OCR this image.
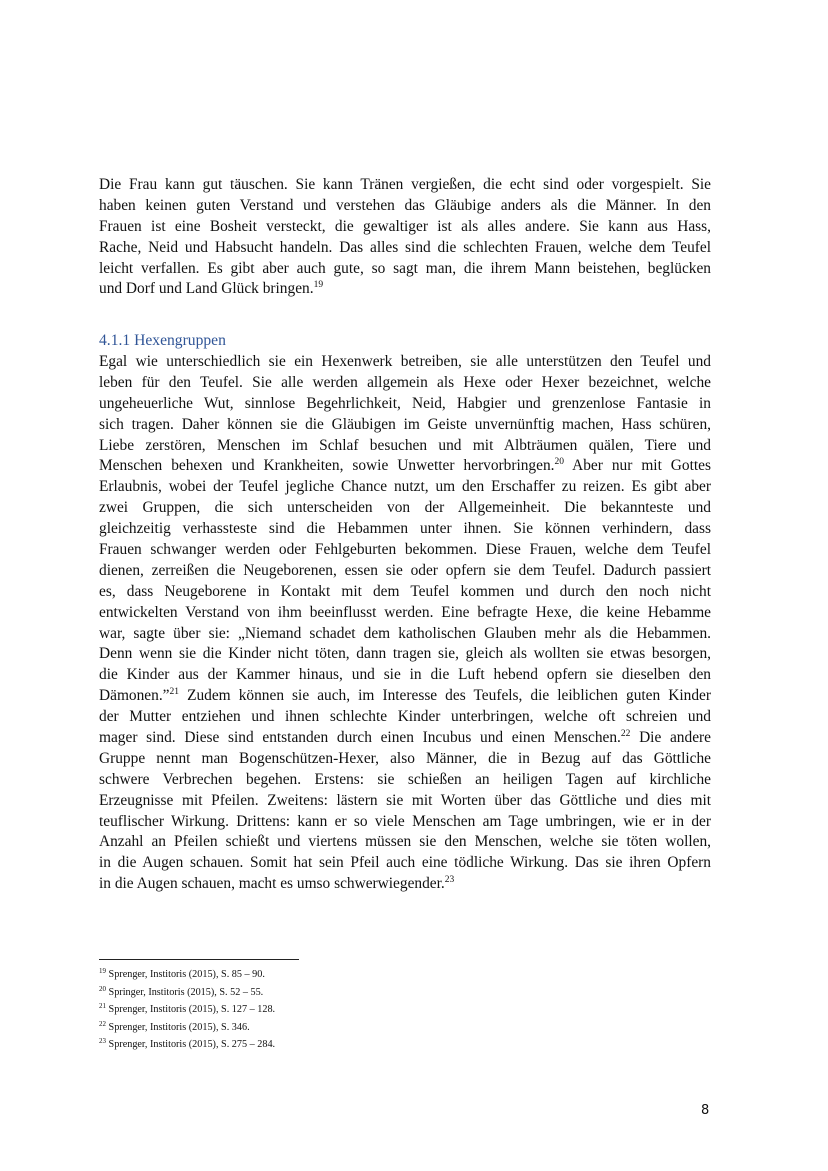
Die Frau kann gut täuschen. Sie kann Tränen vergießen, die echt sind oder vorgespielt. Sie
haben keinen guten Verstand und verstehen das Gläubige anders als die Männer. In den
Frauen ist eine Bosheit versteckt, die gewaltiger ist als alles andere. Sie kann aus Hass,
Rache, Neid und Habsucht handeln. Das alles sind die schlechten Frauen, welche dem Teufel
leicht verfallen. Es gibt aber auch gute, so sagt man, die ihrem Mann beistehen, beglücken
und Dorf und Land Glück bringen.$^{19}$
4.1.1 Hexengruppen
Egal wie unterschiedlich sie ein Hexenwerk betreiben, sie alle unterstützen den Teufel und
leben für den Teufel. Sie alle werden allgemein als Hexe oder Hexer bezeichnet, welche
ungeheuerliche Wut, sinnlose Begehrlichkeit, Neid, Habgier und grenzenlose Fantasie in
sich tragen. Daher können sie die Gläubigen im Geiste unvernünftig machen, Hass schüren,
Liebe zerstören, Menschen im Schlaf besuchen und mit Albträumen quälen, Tiere und
Menschen behexen und Krankheiten, sowie Unwetter hervorbringen.$^{20}$ Aber nur mit Gottes
Erlaubnis, wobei der Teufel jegliche Chance nutzt, um den Erschaffer zu reizen. Es gibt aber
zwei Gruppen, die sich unterscheiden von der Allgemeinheit. Die bekannteste und
gleichzeitig verhassteste sind die Hebammen unter ihnen. Sie können verhindern, dass
Frauen schwanger werden oder Fehlgeburten bekommen. Diese Frauen, welche dem Teufel
dienen, zerreißen die Neugeborenen, essen sie oder opfern sie dem Teufel. Dadurch passiert
es, dass Neugeborene in Kontakt mit dem Teufel kommen und durch den noch nicht
entwickelten Verstand von ihm beeinflusst werden. Eine befragte Hexe, die keine Hebamme
war, sagte über sie: „Niemand schadet dem katholischen Glauben mehr als die Hebammen.
Denn wenn sie die Kinder nicht töten, dann tragen sie, gleich als wollten sie etwas besorgen,
die Kinder aus der Kammer hinaus, und sie in die Luft hebend opfern sie dieselben den
Dämonen.”$^{21}$ Zudem können sie auch, im Interesse des Teufels, die leiblichen guten Kinder
der Mutter entziehen und ihnen schlechte Kinder unterbringen, welche oft schreien und
mager sind. Diese sind entstanden durch einen Incubus und einen Menschen.$^{22}$ Die andere
Gruppe nennt man Bogenschützen-Hexer, also Männer, die in Bezug auf das Göttliche
schwere Verbrechen begehen. Erstens: sie schießen an heiligen Tagen auf kirchliche
Erzeugnisse mit Pfeilen. Zweitens: lästern sie mit Worten über das Göttliche und dies mit
teuflischer Wirkung. Drittens: kann er so viele Menschen am Tage umbringen, wie er in der
Anzahl an Pfeilen schießt und viertens müssen sie den Menschen, welche sie töten wollen,
in die Augen schauen. Somit hat sein Pfeil auch eine tödliche Wirkung. Das sie ihren Opfern
in die Augen schauen, macht es umso schwerwiegender.$^{23}$
$^{19}$ Sprenger, Institoris (2015), S. 85 – 90.
$^{20}$ Springer, Institoris (2015), S. 52 – 55.
$^{21}$ Sprenger, Institoris (2015), S. 127 – 128.
$^{22}$ Sprenger, Institoris (2015), S. 346.
$^{23}$ Sprenger, Institoris (2015), S. 275 – 284.
8
